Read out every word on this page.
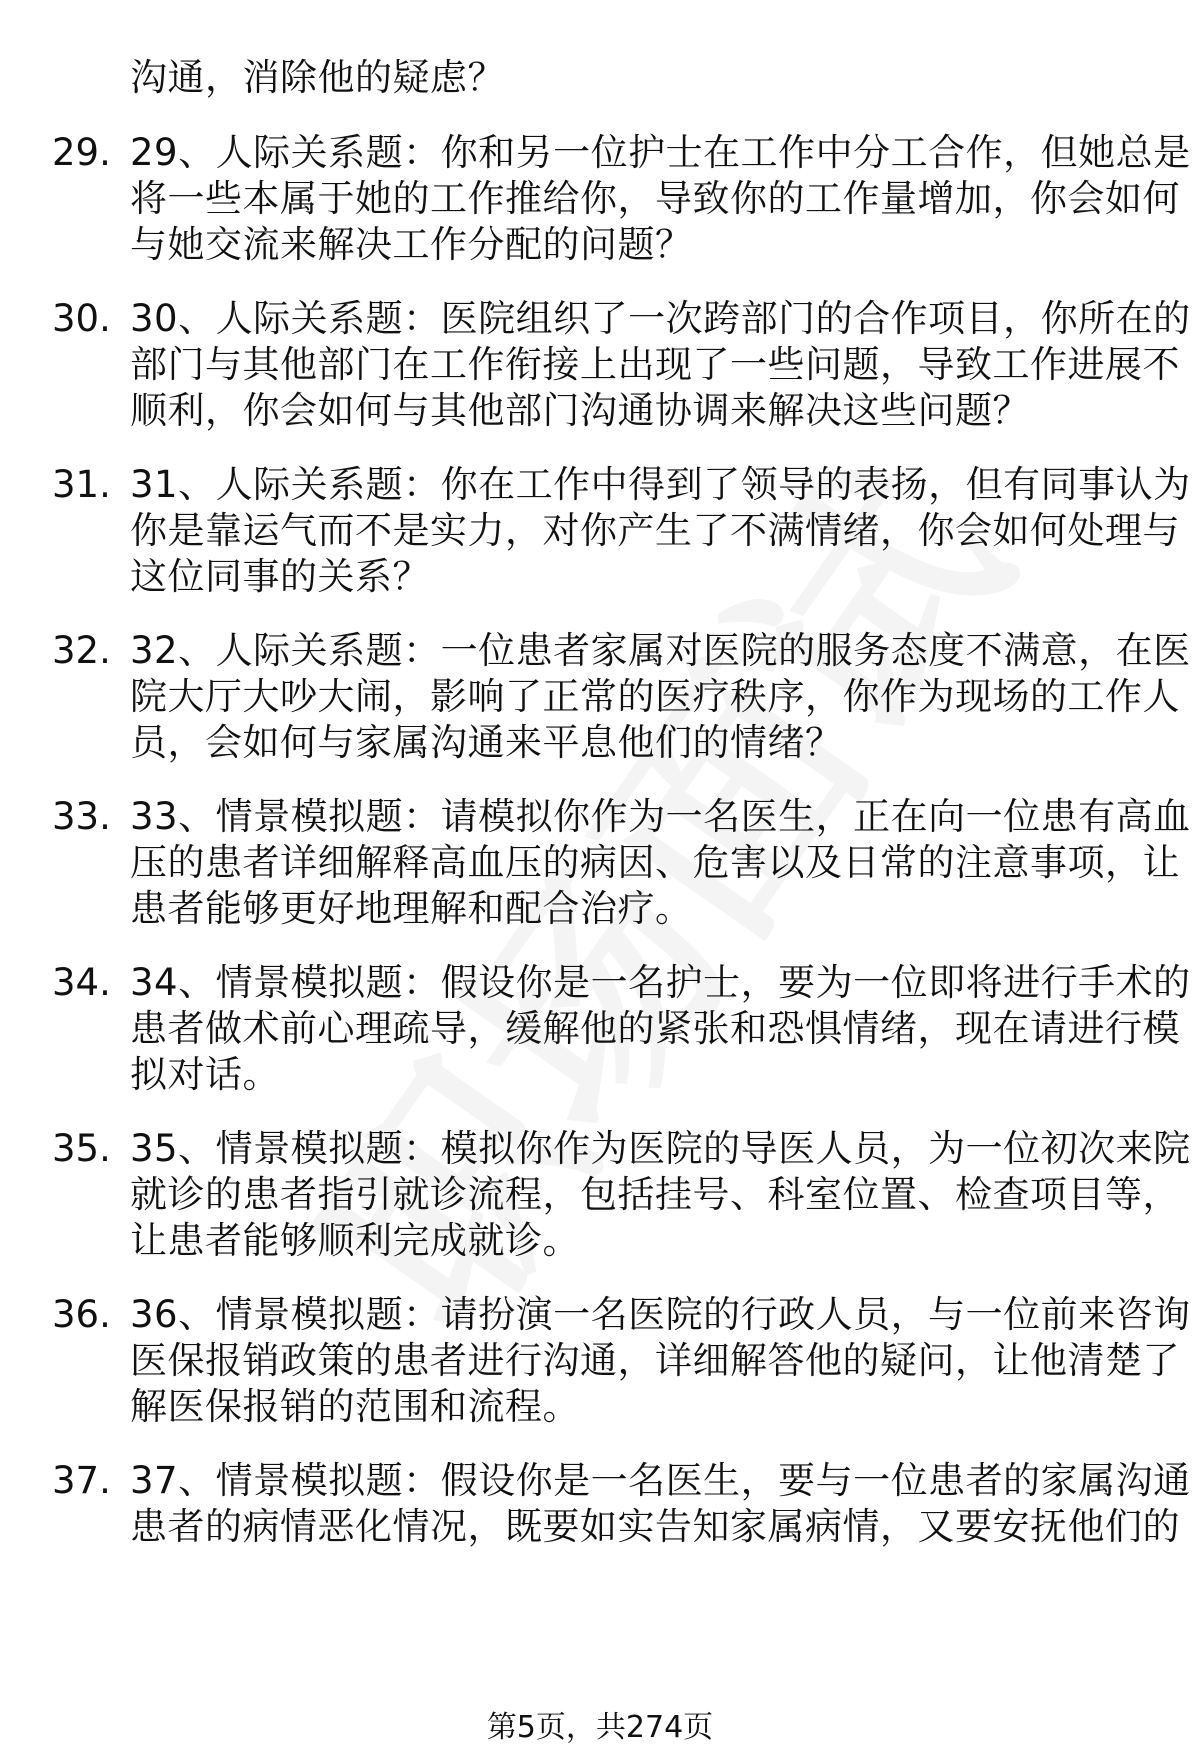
沟通，消除他的疑虑？
29. 29、人际关系题：你和另一位护士在工作中分工合作，但她总是
将一些本属于她的工作推给你，导致你的工作量增加，你会如何
与她交流来解决工作分配的问题？
30. 30、人际关系题：医院组织了一次跨部门的合作项目，你所在的
部门与其他部门在工作衔接上出现了一些问题，导致工作进展不
顺利，你会如何与其他部门沟通协调来解决这些问题？
31. 31、人际关系题：你在工作中得到了领导的表扬，但有同事认为
你是靠运气而不是实力，对你产生了不满情绪，你会如何处理与
这位同事的关系？
32. 32、人际关系题：一位患者家属对医院的服务态度不满意，在医
院大厅大吵大闹，影响了正常的医疗秩序，你作为现场的工作人
员，会如何与家属沟通来平息他们的情绪？
33. 33、情景模拟题：请模拟你作为一名医生，正在向一位患有高血
压的患者详细解释高血压的病因、危害以及日常的注意事项，让
患者能够更好地理解和配合治疗。
34. 34、情景模拟题：假设你是一名护士，要为一位即将进行手术的
患者做术前心理疏导，缓解他的紧张和恐惧情绪，现在请进行模
拟对话。
35. 35、情景模拟题：模拟你作为医院的导医人员，为一位初次来院
就诊的患者指引就诊流程，包括挂号、科室位置、检查项目等，
让患者能够顺利完成就诊。
36. 36、情景模拟题：请扮演一名医院的行政人员，与一位前来咨询
医保报销政策的患者进行沟通，详细解答他的疑问，让他清楚了
解医保报销的范围和流程。
37. 37、情景模拟题：假设你是一名医生，要与一位患者的家属沟通
患者的病情恶化情况，既要如实告知家属病情，又要安抚他们的
第5页，共274页
